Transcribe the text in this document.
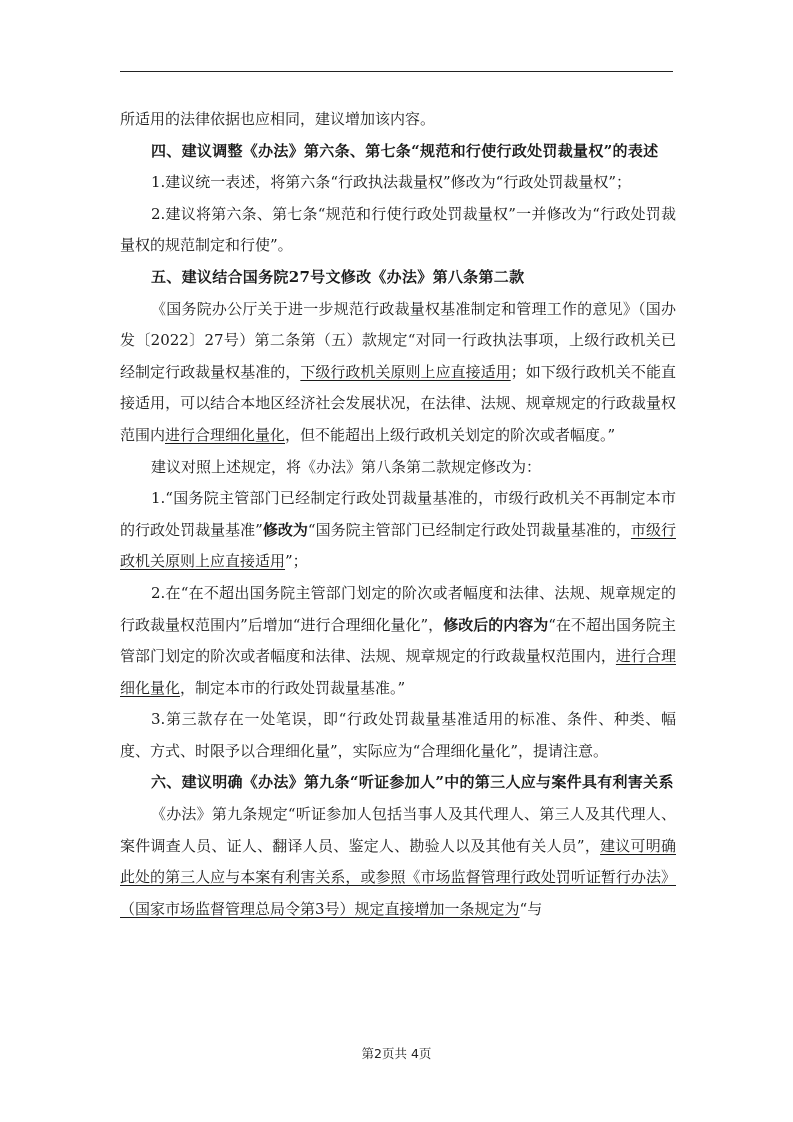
所适用的法律依据也应相同，建议增加该内容。

四、建议调整《办法》第六条、第七条“规范和行使行政处罚裁量权”的表述

1.建议统一表述，将第六条“行政执法裁量权”修改为“行政处罚裁量权”；

2.建议将第六条、第七条“规范和行使行政处罚裁量权”一并修改为“行政处罚裁量权的规范制定和行使”。

五、建议结合国务院27号文修改《办法》第八条第二款

《国务院办公厅关于进一步规范行政裁量权基准制定和管理工作的意见》（国办发〔2022〕27号）第二条第（五）款规定“对同一行政执法事项，上级行政机关已经制定行政裁量权基准的，下级行政机关原则上应直接适用；如下级行政机关不能直接适用，可以结合本地区经济社会发展状况，在法律、法规、规章规定的行政裁量权范围内进行合理细化量化，但不能超出上级行政机关划定的阶次或者幅度。”

建议对照上述规定，将《办法》第八条第二款规定修改为：

1.“国务院主管部门已经制定行政处罚裁量基准的，市级行政机关不再制定本市的行政处罚裁量基准”修改为“国务院主管部门已经制定行政处罚裁量基准的，市级行政机关原则上应直接适用”；

2.在“在不超出国务院主管部门划定的阶次或者幅度和法律、法规、规章规定的行政裁量权范围内”后增加“进行合理细化量化”，修改后的内容为“在不超出国务院主管部门划定的阶次或者幅度和法律、法规、规章规定的行政裁量权范围内，进行合理细化量化，制定本市的行政处罚裁量基准。”

3.第三款存在一处笔误，即“行政处罚裁量基准适用的标准、条件、种类、幅度、方式、时限予以合理细化量”，实际应为“合理细化量化”，提请注意。

六、建议明确《办法》第九条“听证参加人”中的第三人应与案件具有利害关系

《办法》第九条规定“听证参加人包括当事人及其代理人、第三人及其代理人、案件调查人员、证人、翻译人员、鉴定人、勘验人以及其他有关人员”，建议可明确此处的第三人应与本案有利害关系，或参照《市场监督管理行政处罚听证暂行办法》（国家市场监督管理总局令第3号）规定直接增加一条规定为“与

第2页共 4页
